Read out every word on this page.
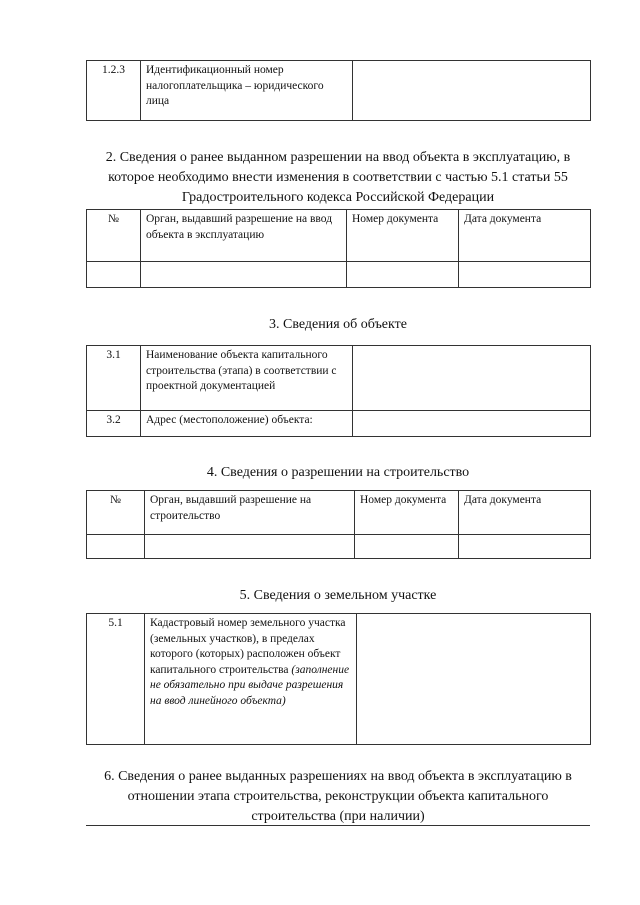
1.2.3	Идентификационный номер налогоплательщика – юридического лица	
2. Сведения о ранее выданном разрешении на ввод объекта в эксплуатацию, в которое необходимо внести изменения в соответствии с частью 5.1 статьи 55 Градостроительного кодекса Российской Федерации
№	Орган, выдавший разрешение на ввод объекта в эксплуатацию	Номер документа	Дата документа

3. Сведения об объекте
3.1	Наименование объекта капитального строительства (этапа) в соответствии с проектной документацией	
3.2	Адрес (местоположение) объекта:	
4. Сведения о разрешении на строительство
№	Орган, выдавший разрешение на строительство	Номер документа	Дата документа

5. Сведения о земельном участке
5.1	Кадастровый номер земельного участка (земельных участков), в пределах которого (которых) расположен объект капитального строительства (заполнение не обязательно при выдаче разрешения на ввод линейного объекта)	
6. Сведения о ранее выданных разрешениях на ввод объекта в эксплуатацию в отношении этапа строительства, реконструкции объекта капитального строительства (при наличии)
